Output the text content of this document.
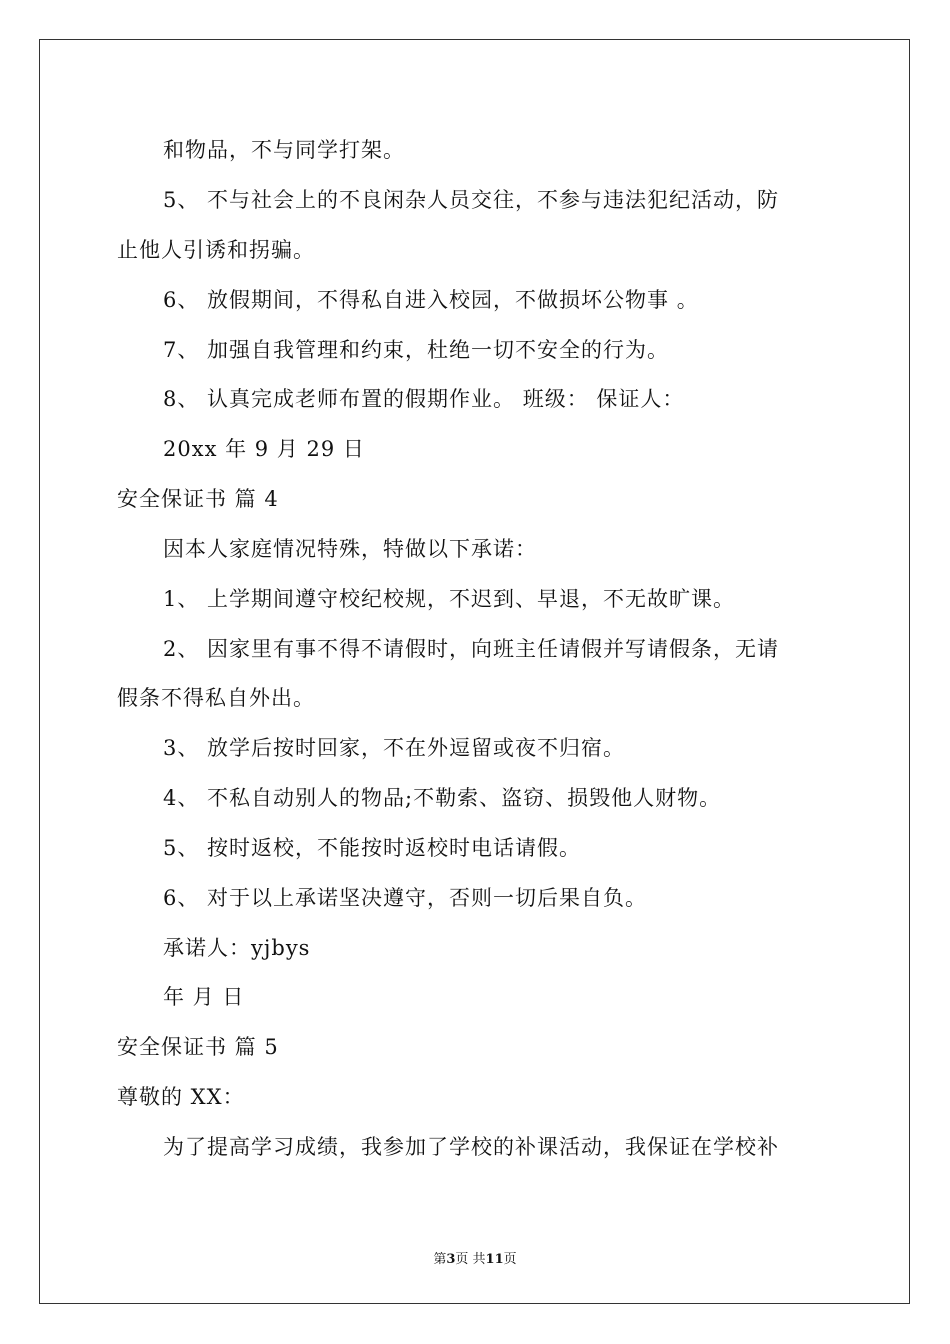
和物品，不与同学打架。

5、 不与社会上的不良闲杂人员交往，不参与违法犯纪活动，防

止他人引诱和拐骗。

6、 放假期间，不得私自进入校园，不做损坏公物事 。

7、 加强自我管理和约束，杜绝一切不安全的行为。

8、 认真完成老师布置的假期作业。 班级： 保证人：

20xx 年 9 月 29 日

安全保证书 篇 4

因本人家庭情况特殊，特做以下承诺：

1、 上学期间遵守校纪校规，不迟到、早退，不无故旷课。

2、 因家里有事不得不请假时，向班主任请假并写请假条，无请

假条不得私自外出。

3、 放学后按时回家，不在外逗留或夜不归宿。

4、 不私自动别人的物品;不勒索、盗窃、损毁他人财物。

5、 按时返校，不能按时返校时电话请假。

6、 对于以上承诺坚决遵守，否则一切后果自负。

承诺人：yjbys

年 月 日

安全保证书 篇 5

尊敬的 XX：

为了提高学习成绩，我参加了学校的补课活动，我保证在学校补

第3页 共11页
